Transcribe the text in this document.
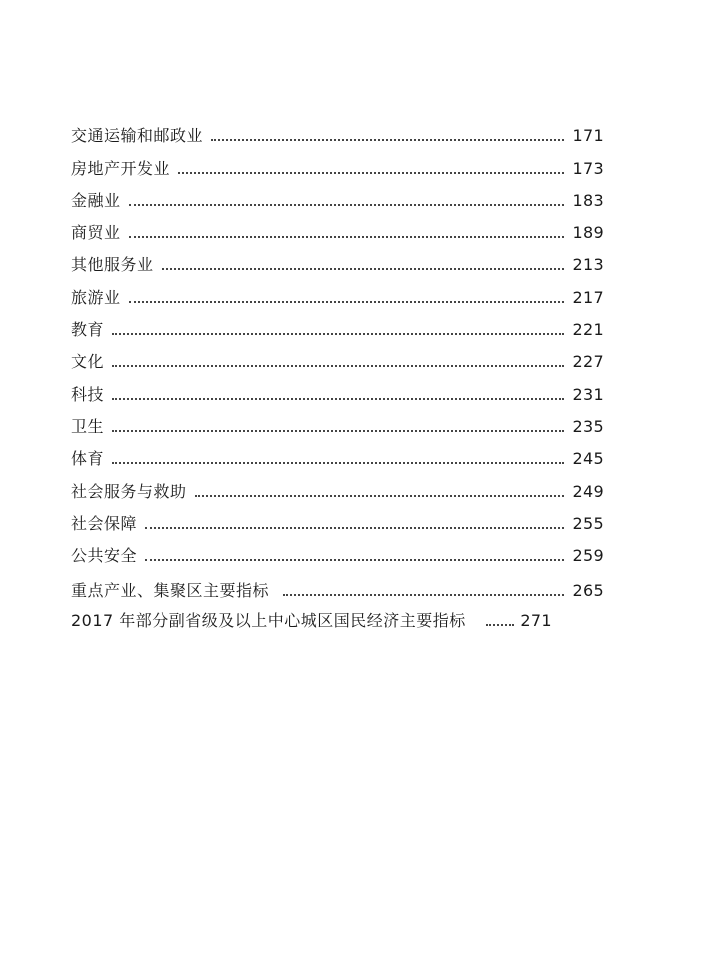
交通运输和邮政业	171
房地产开发业	173
金融业	183
商贸业	189
其他服务业	213
旅游业	217
教育	221
文化	227
科技	231
卫生	235
体育	245
社会服务与救助	249
社会保障	255
公共安全	259
重点产业、集聚区主要指标	265
2017 年部分副省级及以上中心城区国民经济主要指标	271
